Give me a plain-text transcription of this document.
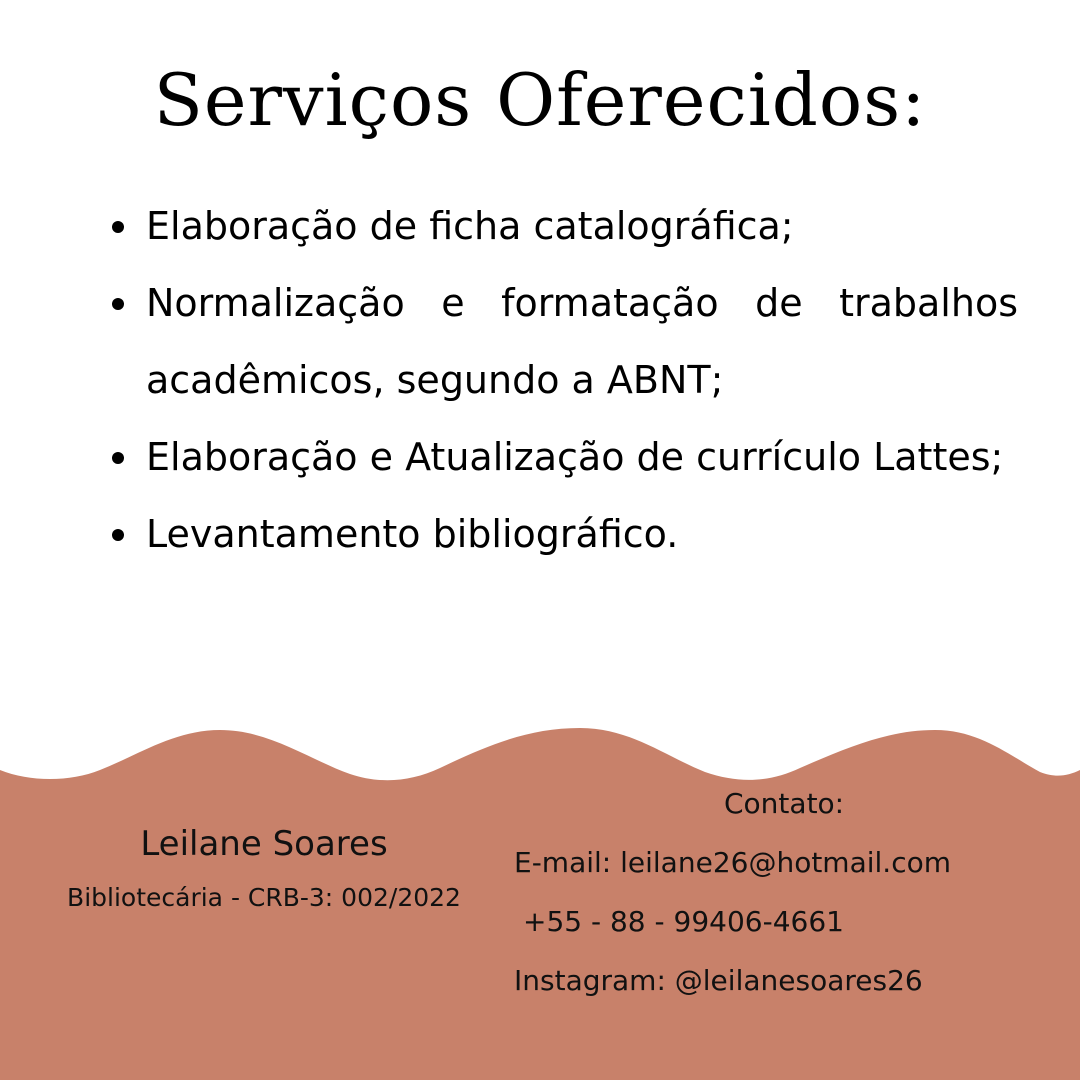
Serviços Oferecidos:
Elaboração de ficha catalográfica;
Normalização e formatação de trabalhos acadêmicos, segundo a ABNT;
Elaboração e Atualização de currículo Lattes;
Levantamento bibliográfico.

Leilane Soares

Bibliotecária - CRB-3: 002/2022

Contato:

E-mail: leilane26@hotmail.com

+55 - 88 - 99406-4661

Instagram: @leilanesoares26
